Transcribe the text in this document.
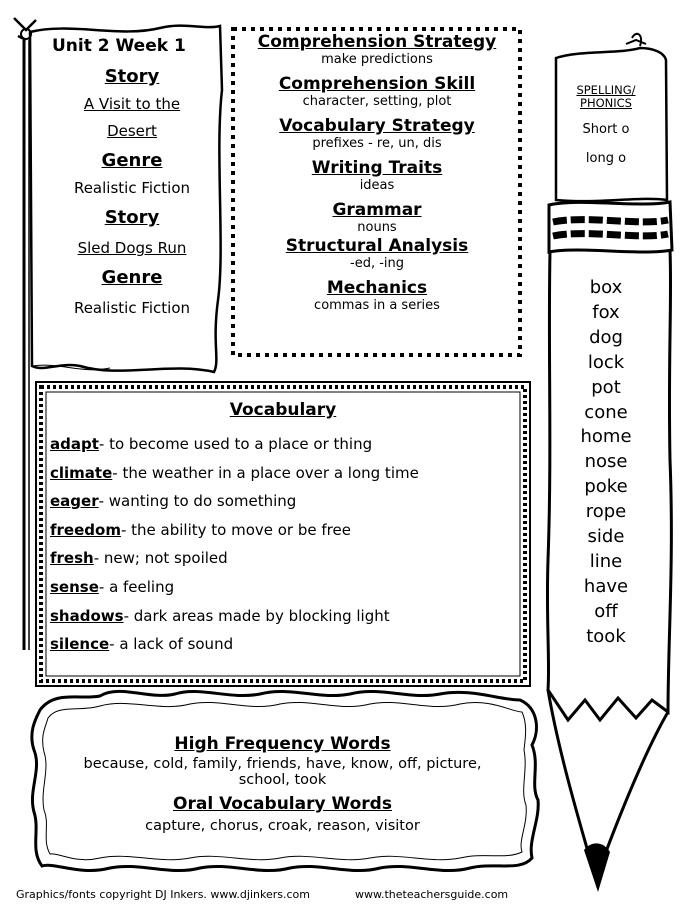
Unit 2 Week 1
Story
A Visit to the
Desert
Genre
Realistic Fiction
Story
Sled Dogs Run
Genre
Realistic Fiction
Comprehension Strategy
make predictions
Comprehension Skill
character, setting, plot
Vocabulary Strategy
prefixes - re, un, dis
Writing Traits
ideas
Grammar
nouns
Structural Analysis
-ed, -ing
Mechanics
commas in a series
Vocabulary
adapt- to become used to a place or thing
climate- the weather in a place over a long time
eager- wanting to do something
freedom- the ability to move or be free
fresh- new; not spoiled
sense- a feeling
shadows- dark areas made by blocking light
silence- a lack of sound
High Frequency Words
because, cold, family, friends, have, know, off, picture, school, took
Oral Vocabulary Words
capture, chorus, croak, reason, visitor
SPELLING/
PHONICS
Short o
long o
box
fox
dog
lock
pot
cone
home
nose
poke
rope
side
line
have
off
took
Graphics/fonts copyright DJ Inkers. www.djinkers.com	www.theteachersguide.com
